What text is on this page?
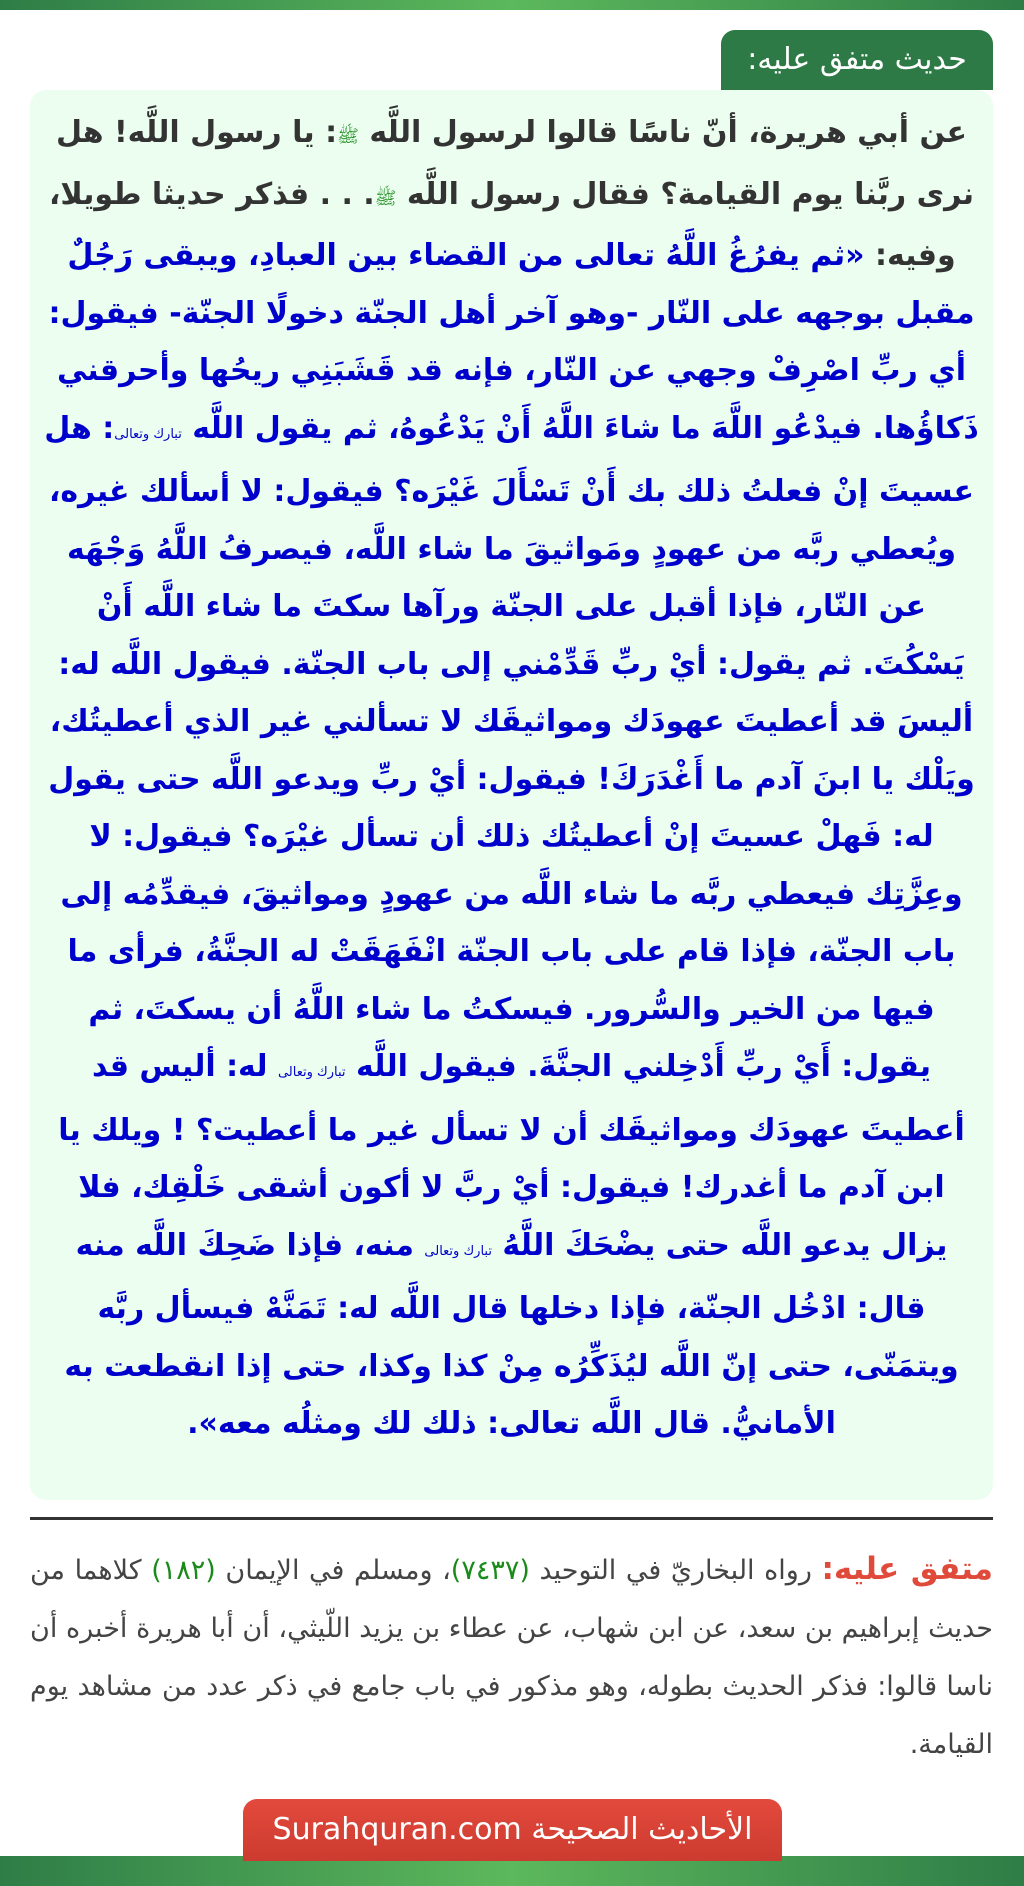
حديث متفق عليه:

عن أبي هريرة، أنّ ناسًا قالوا لرسول اللَّه ﷺ: يا رسول اللَّه! هل نرى ربَّنا يوم القيامة؟ فقال رسول اللَّه ﷺ. . . فذكر حديثا طويلا، وفيه: «ثم يفرُغُ اللَّهُ تعالى من القضاء بين العبادِ، ويبقى رَجُلٌ مقبل بوجهه على النّار -وهو آخر أهل الجنّة دخولًا الجنّة- فيقول: أي ربِّ اصْرِفْ وجهي عن النّار، فإنه قد قَشَبَنِي ريحُها وأحرقني ذَكاؤُها. فيدْعُو اللَّهَ ما شاءَ اللَّهُ أَنْ يَدْعُوهُ، ثم يقول اللَّه تبارك وتعالى: هل عسيتَ إنْ فعلتُ ذلك بك أَنْ تَسْأَلَ غَيْرَه؟ فيقول: لا أسألك غيره، ويُعطي ربَّه من عهودٍ ومَواثيقَ ما شاء اللَّه، فيصرفُ اللَّهُ وَجْهَه عن النّار، فإذا أقبل على الجنّة ورآها سكتَ ما شاء اللَّه أَنْ يَسْكُتَ. ثم يقول: أيْ ربِّ قَدِّمْني إلى باب الجنّة. فيقول اللَّه له: أليسَ قد أعطيتَ عهودَك ومواثيقَك لا تسألني غير الذي أعطيتُك، ويَلْك يا ابنَ آدم ما أَغْدَرَكَ! فيقول: أيْ ربِّ ويدعو اللَّه حتى يقول له: فَهلْ عسيتَ إنْ أعطيتُك ذلك أن تسأل غيْرَه؟ فيقول: لا وعِزَّتِك فيعطي ربَّه ما شاء اللَّه من عهودٍ ومواثيقَ، فيقدِّمُه إلى باب الجنّة، فإذا قام على باب الجنّة انْفَهَقَتْ له الجنَّةُ، فرأى ما فيها من الخير والسُّرور. فيسكتُ ما شاء اللَّهُ أن يسكتَ، ثم يقول: أَيْ ربِّ أَدْخِلني الجنَّةَ. فيقول اللَّه تبارك وتعالى له: أليس قد أعطيتَ عهودَك ومواثيقَك أن لا تسأل غير ما أعطيت؟ ! ويلك يا ابن آدم ما أغدرك! فيقول: أيْ ربَّ لا أكون أشقى خَلْقِك، فلا يزال يدعو اللَّه حتى يضْحَكَ اللَّهُ تبارك وتعالى منه، فإذا ضَحِكَ اللَّه منه قال: ادْخُل الجنّة، فإذا دخلها قال اللَّه له: تَمَنَّهْ فيسأل ربَّه ويتمَنّى، حتى إنّ اللَّه ليُذَكِّرُه مِنْ كذا وكذا، حتى إذا انقطعت به الأمانيُّ. قال اللَّه تعالى: ذلك لك ومثلُه معه».

متفق عليه: رواه البخاريّ في التوحيد (٧٤٣٧)، ومسلم في الإيمان (١٨٢) كلاهما من حديث إبراهيم بن سعد، عن ابن شهاب، عن عطاء بن يزيد اللّيثي، أن أبا هريرة أخبره أن ناسا قالوا: فذكر الحديث بطوله، وهو مذكور في باب جامع في ذكر عدد من مشاهد يوم القيامة.

الأحاديث الصحيحة Surahquran.com
